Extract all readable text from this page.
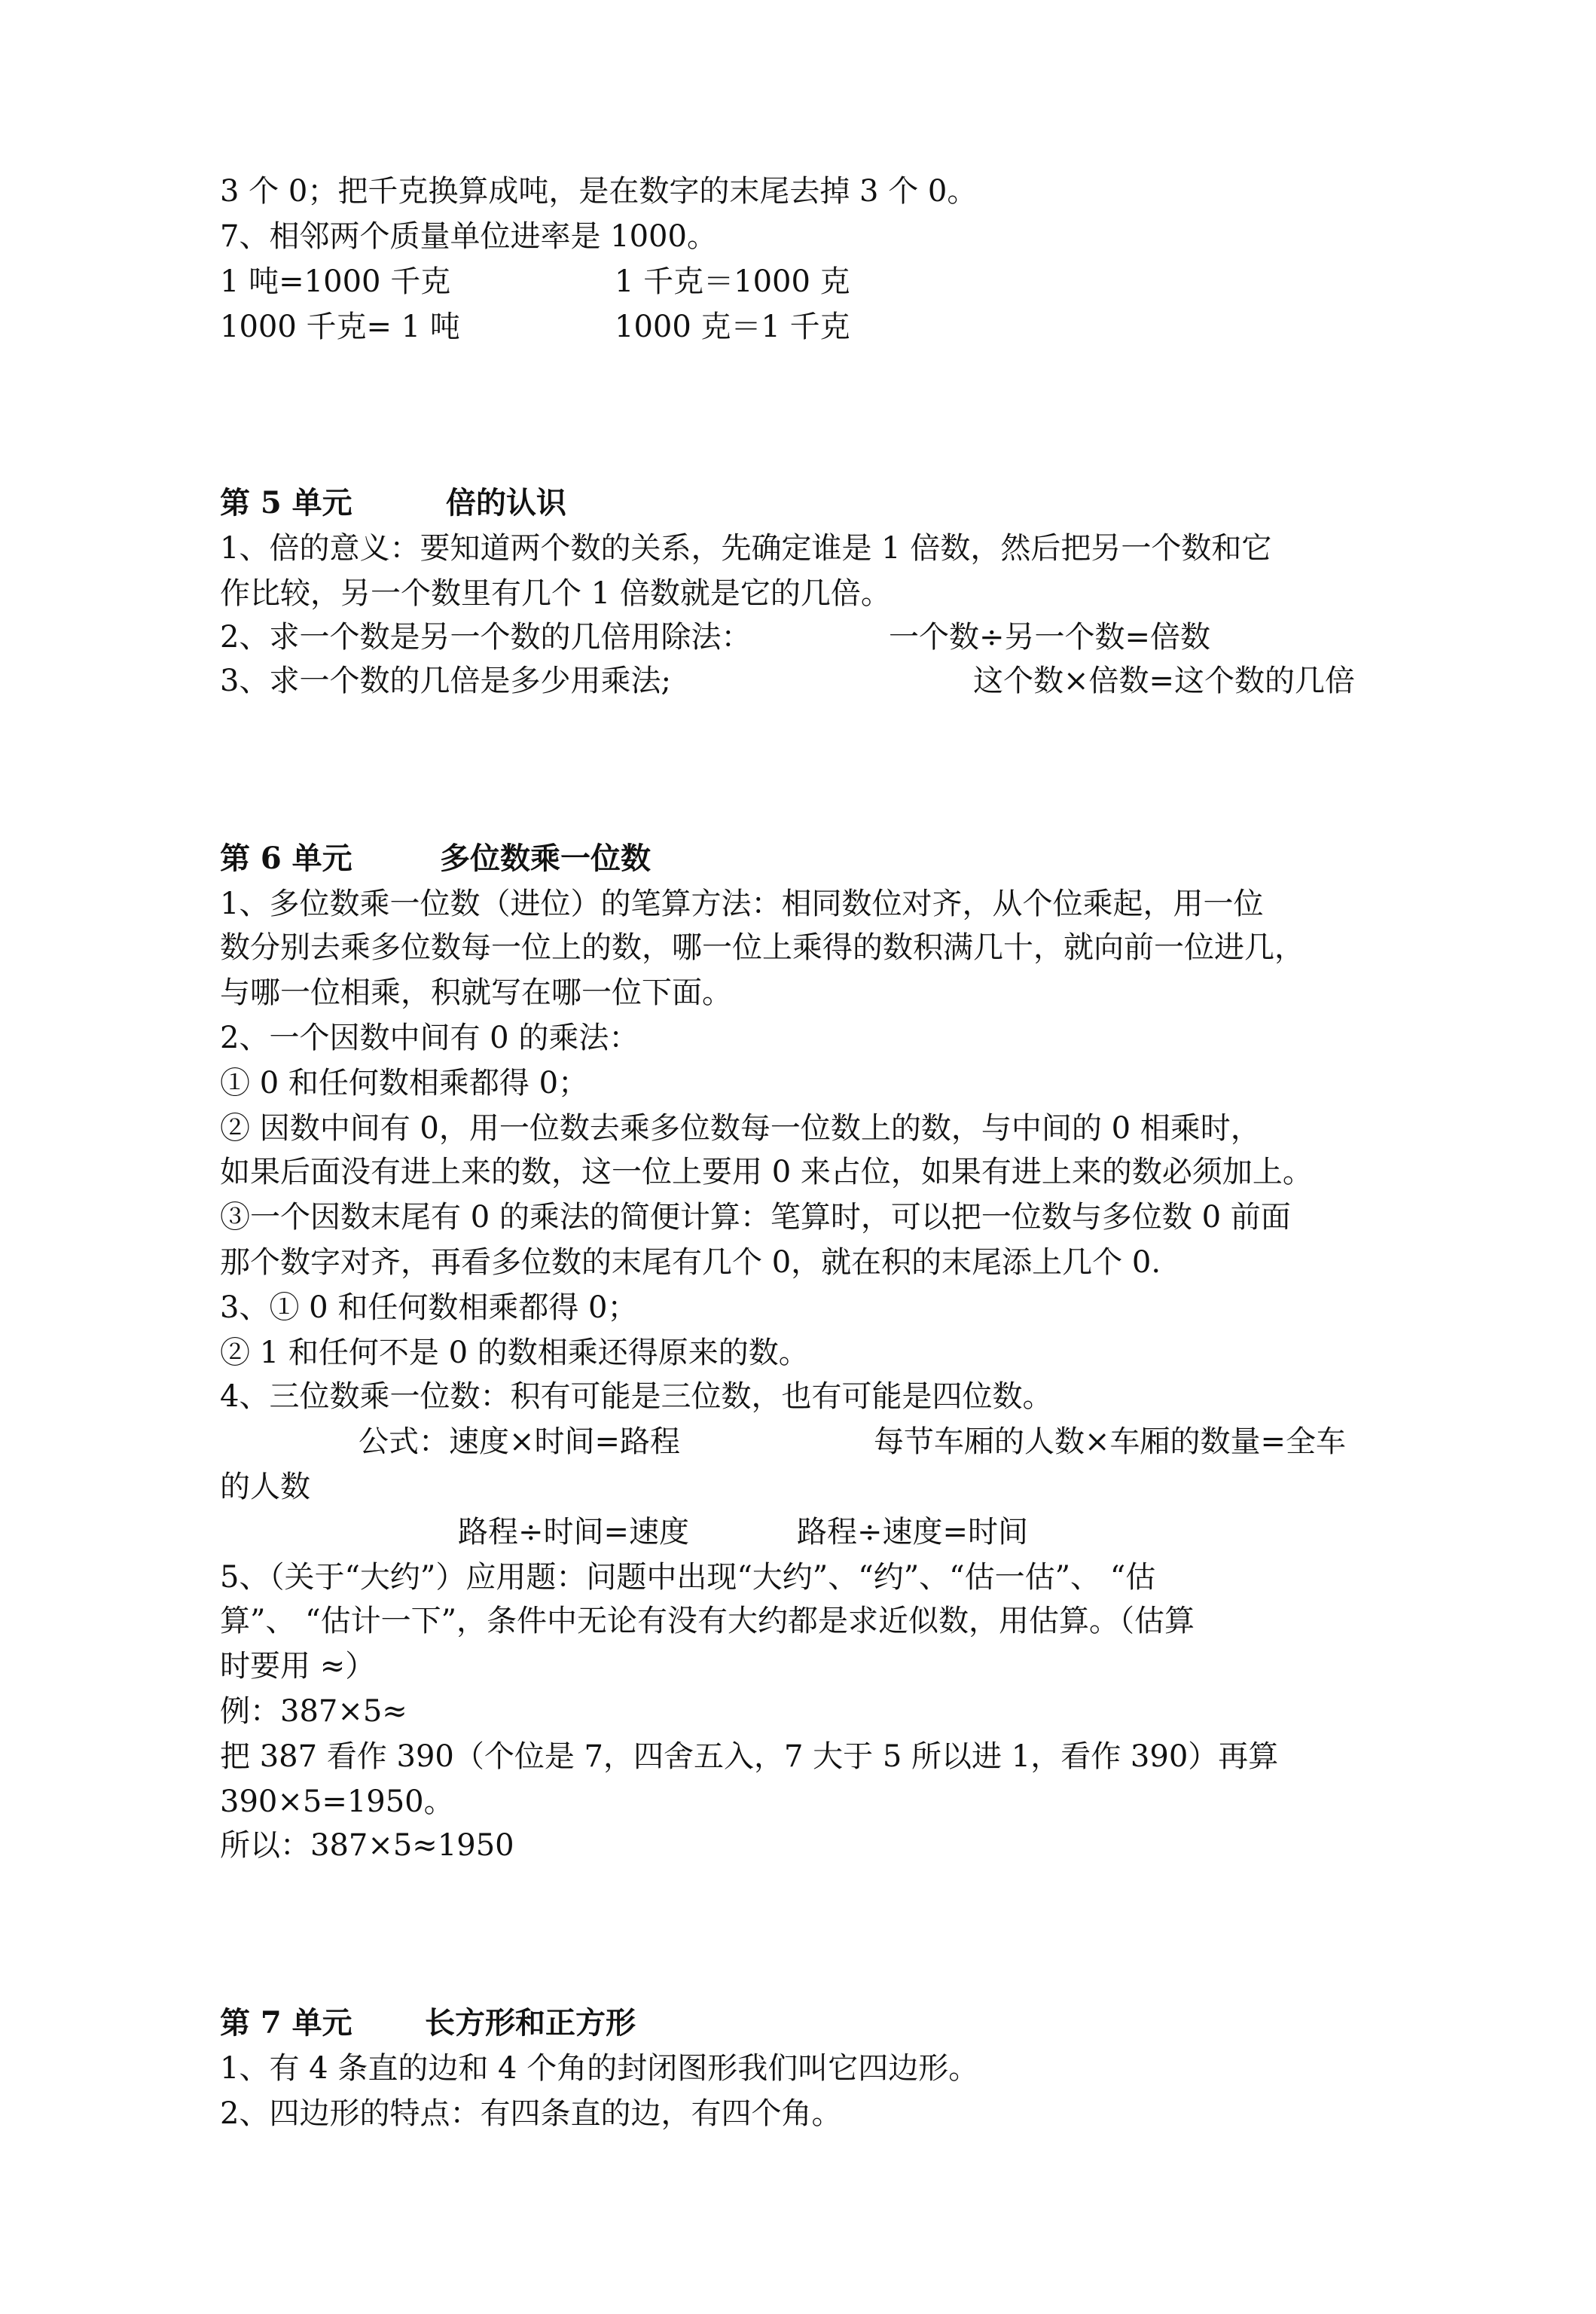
3 个 0；把千克换算成吨，是在数字的末尾去掉 3 个 0。
7、相邻两个质量单位进率是 1000。
1 吨=1000 千克	1 千克＝1000 克
1000 千克= 1 吨	1000 克＝1 千克
第 5 单元	倍的认识
1、倍的意义：要知道两个数的关系，先确定谁是 1 倍数，然后把另一个数和它
作比较，另一个数里有几个 1 倍数就是它的几倍。
2、求一个数是另一个数的几倍用除法：	一个数÷另一个数=倍数
3、求一个数的几倍是多少用乘法;	这个数×倍数=这个数的几倍
第 6 单元	多位数乘一位数
1、多位数乘一位数（进位）的笔算方法：相同数位对齐，从个位乘起，用一位
数分别去乘多位数每一位上的数，哪一位上乘得的数积满几十，就向前一位进几，
与哪一位相乘，积就写在哪一位下面。
2、一个因数中间有 0 的乘法：
① 0 和任何数相乘都得 0；
② 因数中间有 0，用一位数去乘多位数每一位数上的数，与中间的 0 相乘时，
如果后面没有进上来的数，这一位上要用 0 来占位，如果有进上来的数必须加上。
③一个因数末尾有 0 的乘法的简便计算：笔算时，可以把一位数与多位数 0 前面
那个数字对齐，再看多位数的末尾有几个 0，就在积的末尾添上几个 0.
3、① 0 和任何数相乘都得 0；
② 1 和任何不是 0 的数相乘还得原来的数。
4、三位数乘一位数：积有可能是三位数，也有可能是四位数。
公式：速度×时间=路程	每节车厢的人数×车厢的数量=全车
的人数
路程÷时间=速度	路程÷速度=时间
5、（关于“大约”）应用题：问题中出现“大约”、“约”、“估一估”、 “估
算”、 “估计一下”，条件中无论有没有大约都是求近似数，用估算。（估算
时要用 ≈）
例：387×5≈
把 387 看作 390（个位是 7，四舍五入，7 大于 5 所以进 1，看作 390）再算
390×5=1950。
所以：387×5≈1950
第 7 单元 长方形和正方形
1、有 4 条直的边和 4 个角的封闭图形我们叫它四边形。
2、四边形的特点：有四条直的边，有四个角。
